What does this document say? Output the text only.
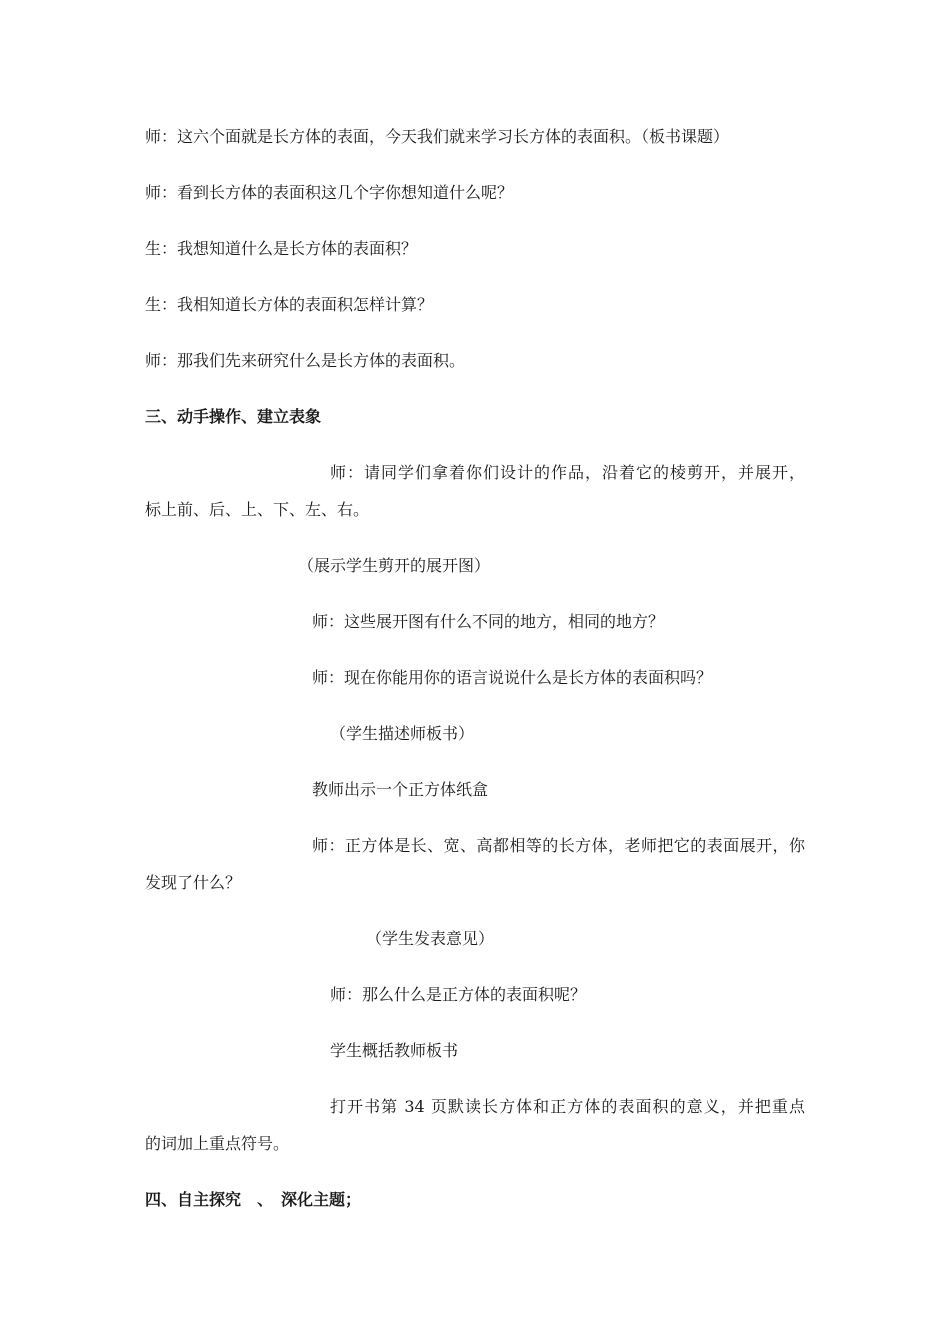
师：这六个面就是长方体的表面，今天我们就来学习长方体的表面积。（板书课题）
师：看到长方体的表面积这几个字你想知道什么呢？
生：我想知道什么是长方体的表面积？
生：我相知道长方体的表面积怎样计算？
师：那我们先来研究什么是长方体的表面积。
三、动手操作、建立表象
师：请同学们拿着你们设计的作品，沿着它的棱剪开，并展开，
标上前、后、上、下、左、右。
（展示学生剪开的展开图）
师：这些展开图有什么不同的地方，相同的地方？
师：现在你能用你的语言说说什么是长方体的表面积吗？
（学生描述师板书）
教师出示一个正方体纸盒
师：正方体是长、宽、高都相等的长方体，老师把它的表面展开，你
发现了什么？
（学生发表意见）
师：那么什么是正方体的表面积呢？
学生概括教师板书
打开书第 34 页默读长方体和正方体的表面积的意义，并把重点
的词加上重点符号。
四、自主探究　、　深化主题；
